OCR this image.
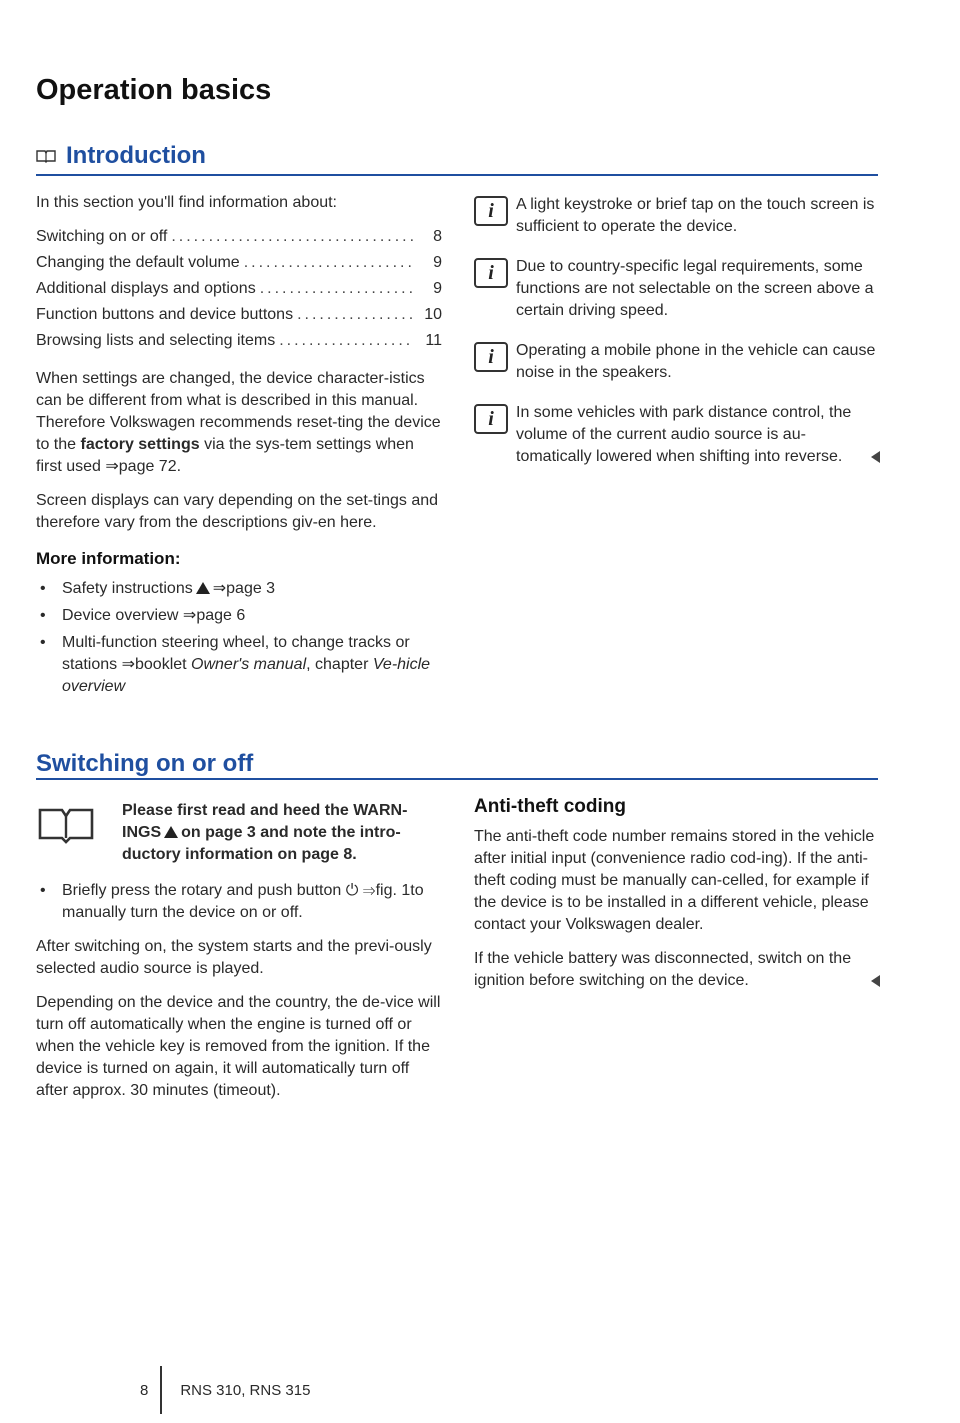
Operation basics
Introduction

In this section you'll find information about:

Switching on or off .....	8
Changing the default volume .....	9
Additional displays and options .....	9
Function buttons and device buttons .....	10
Browsing lists and selecting items .....	11

When settings are changed, the device character-istics can be different from what is described in this manual. Therefore Volkswagen recommends reset-ting the device to the factory settings via the sys-tem settings when first used ⇒page 72.

Screen displays can vary depending on the set-tings and therefore vary from the descriptions giv-en here.

More information:
• Safety instructions ⇒page 3
• Device overview ⇒page 6
• Multi-function steering wheel, to change tracks or stations ⇒booklet Owner's manual, chapter Ve-hicle overview
i	A light keystroke or brief tap on the touch screen is sufficient to operate the device.
i	Due to country-specific legal requirements, some functions are not selectable on the screen above a certain driving speed.
i	Operating a mobile phone in the vehicle can cause noise in the speakers.
i	In some vehicles with park distance control, the volume of the current audio source is au-tomatically lowered when shifting into reverse.
Switching on or off
Please first read and heed the WARN-INGS on page 3 and note the intro-ductory information on page 8.
• Briefly press the rotary and push button ⏻ ⇒fig. 1to manually turn the device on or off.

After switching on, the system starts and the previ-ously selected audio source is played.

Depending on the device and the country, the de-vice will turn off automatically when the engine is turned off or when the vehicle key is removed from the ignition. If the device is turned on again, it will automatically turn off after approx. 30 minutes (timeout).

Anti-theft coding

The anti-theft code number remains stored in the vehicle after initial input (convenience radio cod-ing). If the anti-theft coding must be manually can-celled, for example if the device is to be installed in a different vehicle, please contact your Volkswagen dealer.

If the vehicle battery was disconnected, switch on the ignition before switching on the device.

8 RNS 310, RNS 315
